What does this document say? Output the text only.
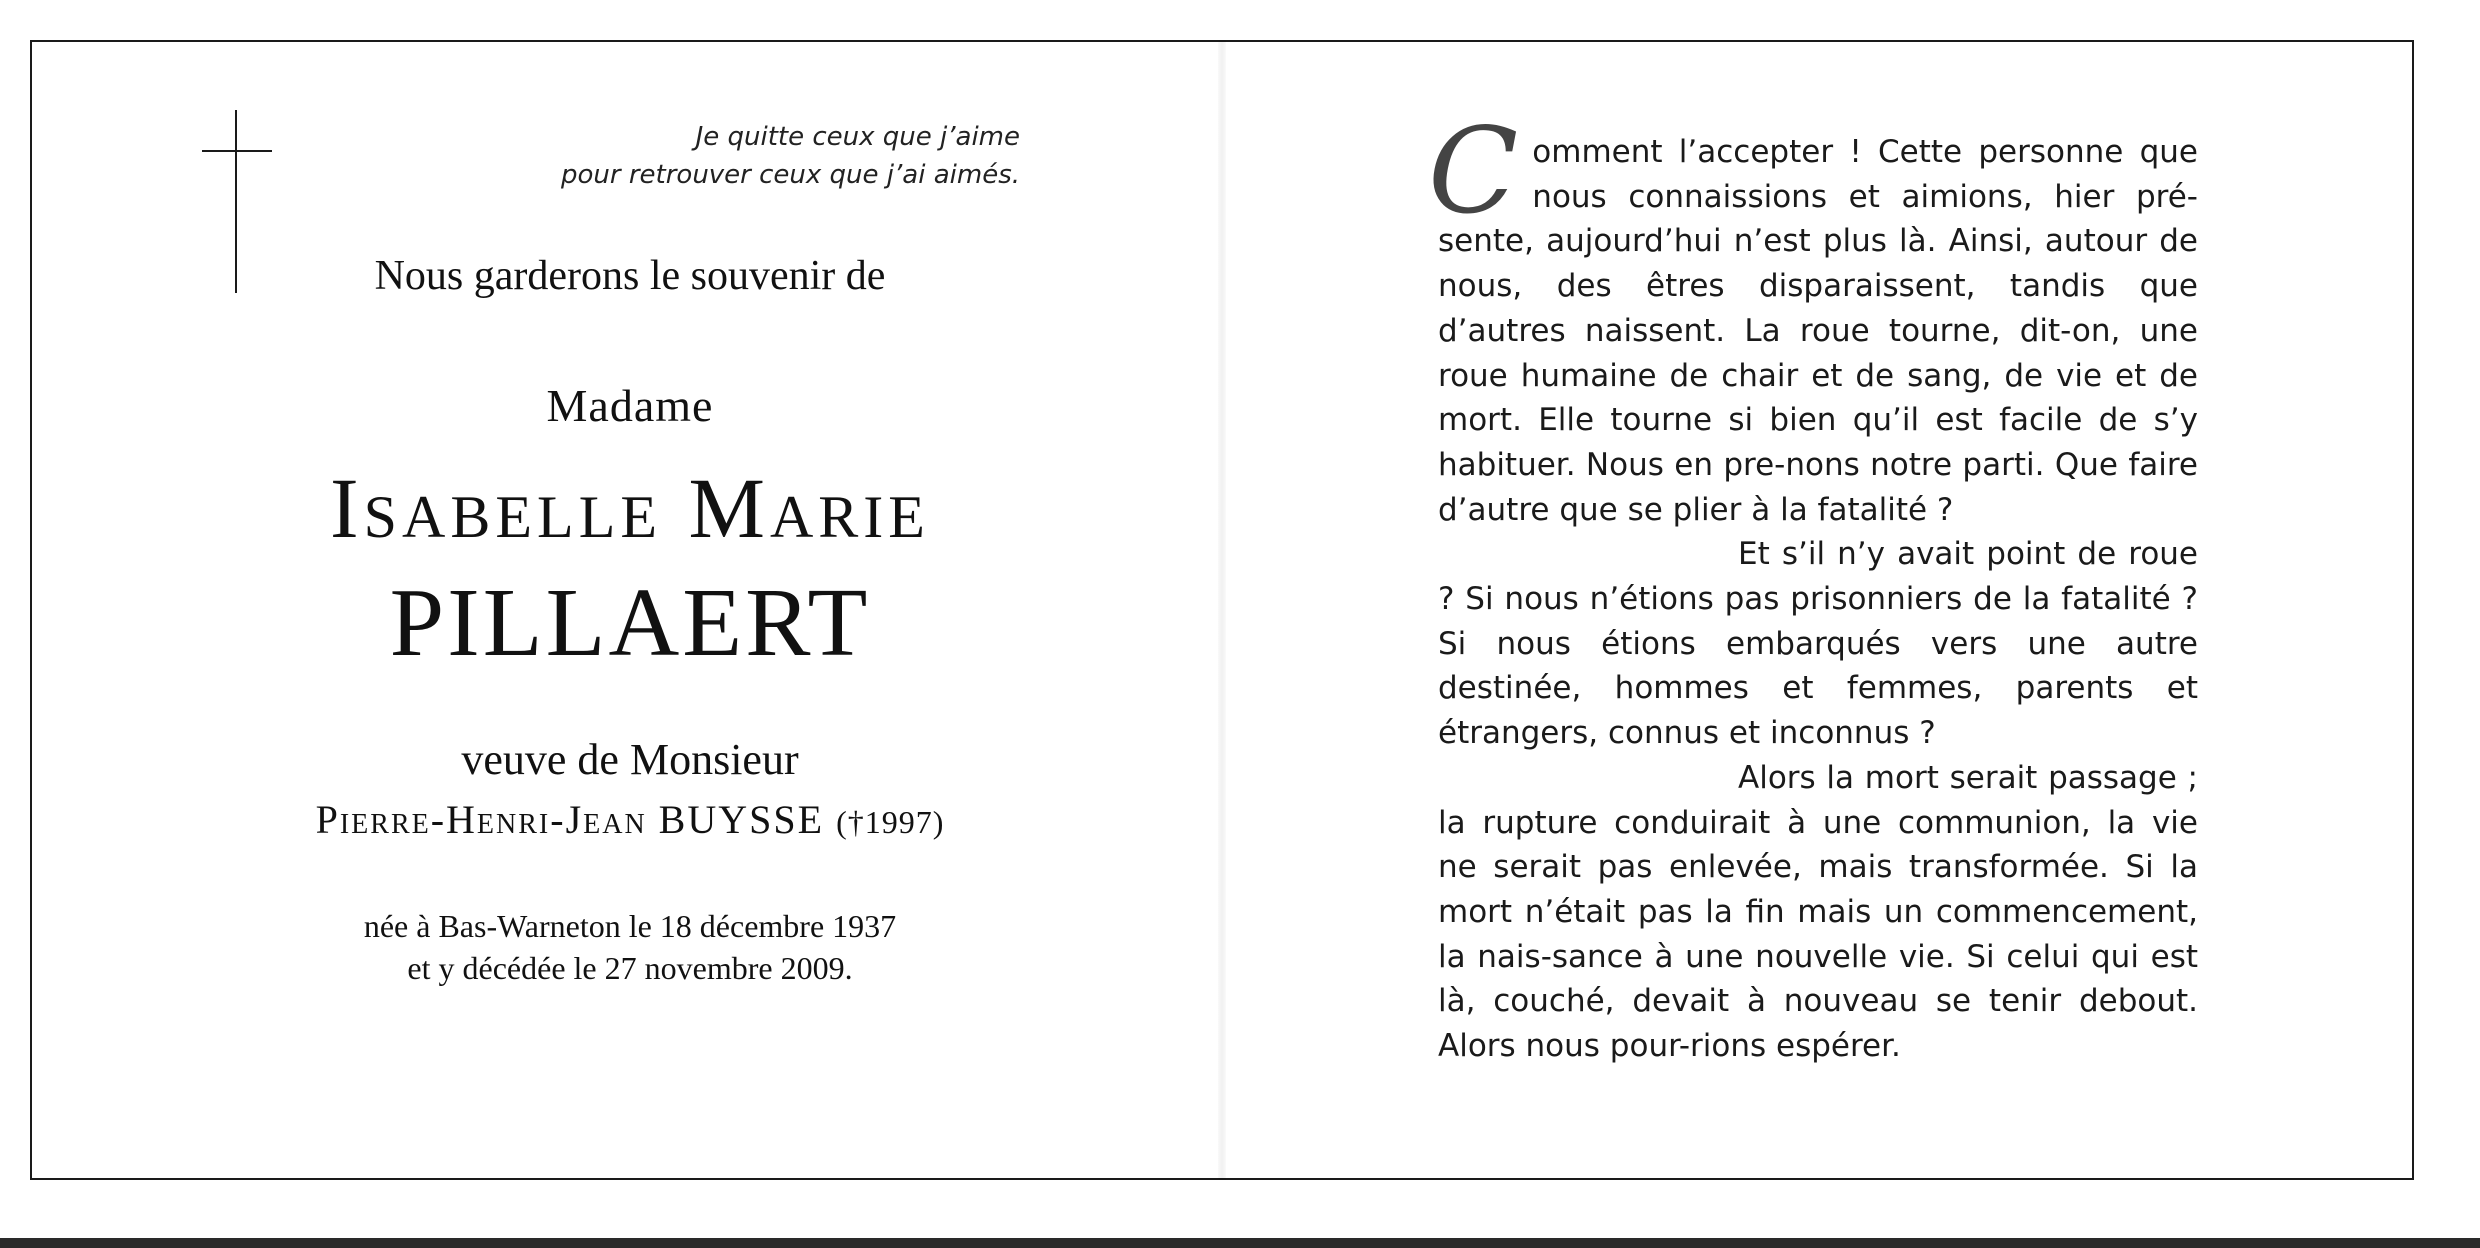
Je quitte ceux que j’aime
pour retrouver ceux que j’ai aimés.
Nous garderons le souvenir de
Madame
Isabelle Marie
PILLAERT
veuve de Monsieur
Pierre-Henri-Jean BUYSSE (†1997)
née à Bas-Warneton le 18 décembre 1937
et y décédée le 27 novembre 2009.

Comment l’accepter ! Cette personne que nous connaissions et aimions, hier pré-sente, aujourd’hui n’est plus là. Ainsi, autour de nous, des êtres disparaissent, tandis que d’autres naissent. La roue tourne, dit-on, une roue humaine de chair et de sang, de vie et de mort. Elle tourne si bien qu’il est facile de s’y habituer. Nous en pre-nons notre parti. Que faire d’autre que se plier à la fatalité ?

Et s’il n’y avait point de roue ? Si nous n’étions pas prisonniers de la fatalité ? Si nous étions embarqués vers une autre destinée, hommes et femmes, parents et étrangers, connus et inconnus ?

Alors la mort serait passage ; la rupture conduirait à une communion, la vie ne serait pas enlevée, mais transformée. Si la mort n’était pas la fin mais un commencement, la nais-sance à une nouvelle vie. Si celui qui est là, couché, devait à nouveau se tenir debout. Alors nous pour-rions espérer.
